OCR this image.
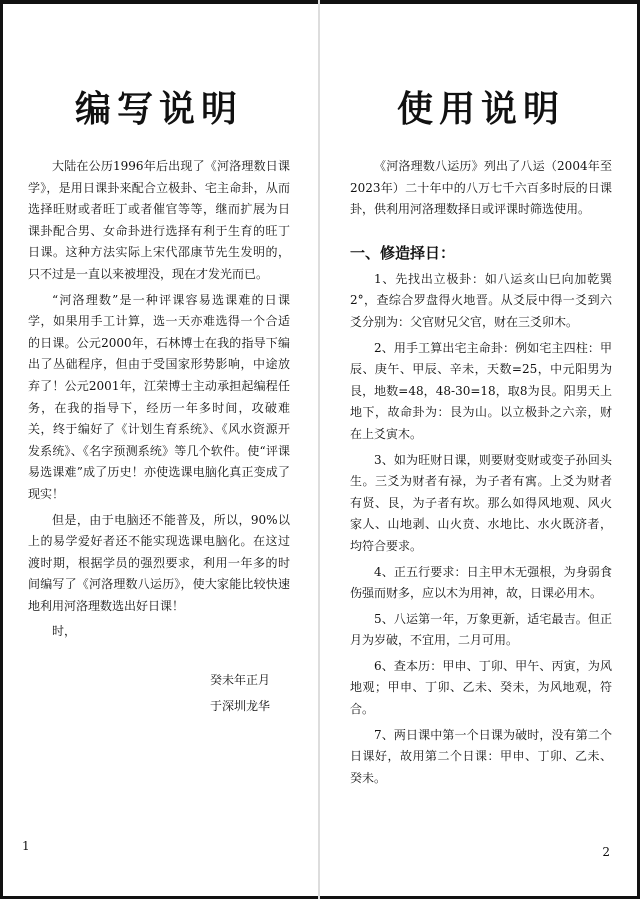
编写说明

大陆在公历1996年后出现了《河洛理数日课学》，是用日课卦来配合立极卦、宅主命卦，从而选择旺财或者旺丁或者催官等等，继而扩展为日课卦配合男、女命卦进行选择有利于生育的旺丁日课。这种方法实际上宋代邵康节先生发明的，只不过是一直以来被埋没，现在才发光而已。

“河洛理数”是一种评课容易选课难的日课学，如果用手工计算，选一天亦难选得一个合适的日课。公元2000年，石林博士在我的指导下编出了丛础程序，但由于受国家形势影响，中途放弃了！公元2001年，江荣博士主动承担起编程任务，在我的指导下，经历一年多时间，攻破难关，终于编好了《计划生育系统》、《风水资源开发系统》、《名字预测系统》等几个软件。使“评课易选课难”成了历史！亦使选课电脑化真正变成了现实！

但是，由于电脑还不能普及，所以，90%以上的易学爱好者还不能实现选课电脑化。在这过渡时期，根据学员的强烈要求，利用一年多的时间编写了《河洛理数八运历》，使大家能比较快速地利用河洛理数选出好日课！

时，

癸未年正月
于深圳龙华
1
使用说明

《河洛理数八运历》列出了八运（2004年至2023年）二十年中的八万七千六百多时辰的日课卦，供利用河洛理数择日或评课时筛选使用。

一、修造择日：

1、先找出立极卦：如八运亥山巳向加乾巽2°，查综合罗盘得火地晋。从爻辰中得一爻到六爻分别为：父官财兄父官，财在三爻卯木。

2、用手工算出宅主命卦：例如宅主四柱：甲辰、庚午、甲辰、辛未，天数=25，中元阳男为艮，地数=48，48-30=18，取8为艮。阳男天上地下，故命卦为：艮为山。以立极卦之六亲，财在上爻寅木。

3、如为旺财日课，则要财变财或变子孙回头生。三爻为财者有禄，为子者有寓。上爻为财者有贤、艮，为子者有坎。那么如得风地观、风火家人、山地剥、山火贲、水地比、水火既济者，均符合要求。

4、正五行要求：日主甲木无强根，为身弱食伤强而财多，应以木为用神，故，日课必用木。

5、八运第一年，万象更新，适宅最吉。但正月为岁破，不宜用，二月可用。

6、查本历：甲申、丁卯、甲午、丙寅，为风地观；甲申、丁卯、乙未、癸未，为风地观，符合。

7、两日课中第一个日课为破时，没有第二个日课好，故用第二个日课：甲申、丁卯、乙未、癸未。

2
